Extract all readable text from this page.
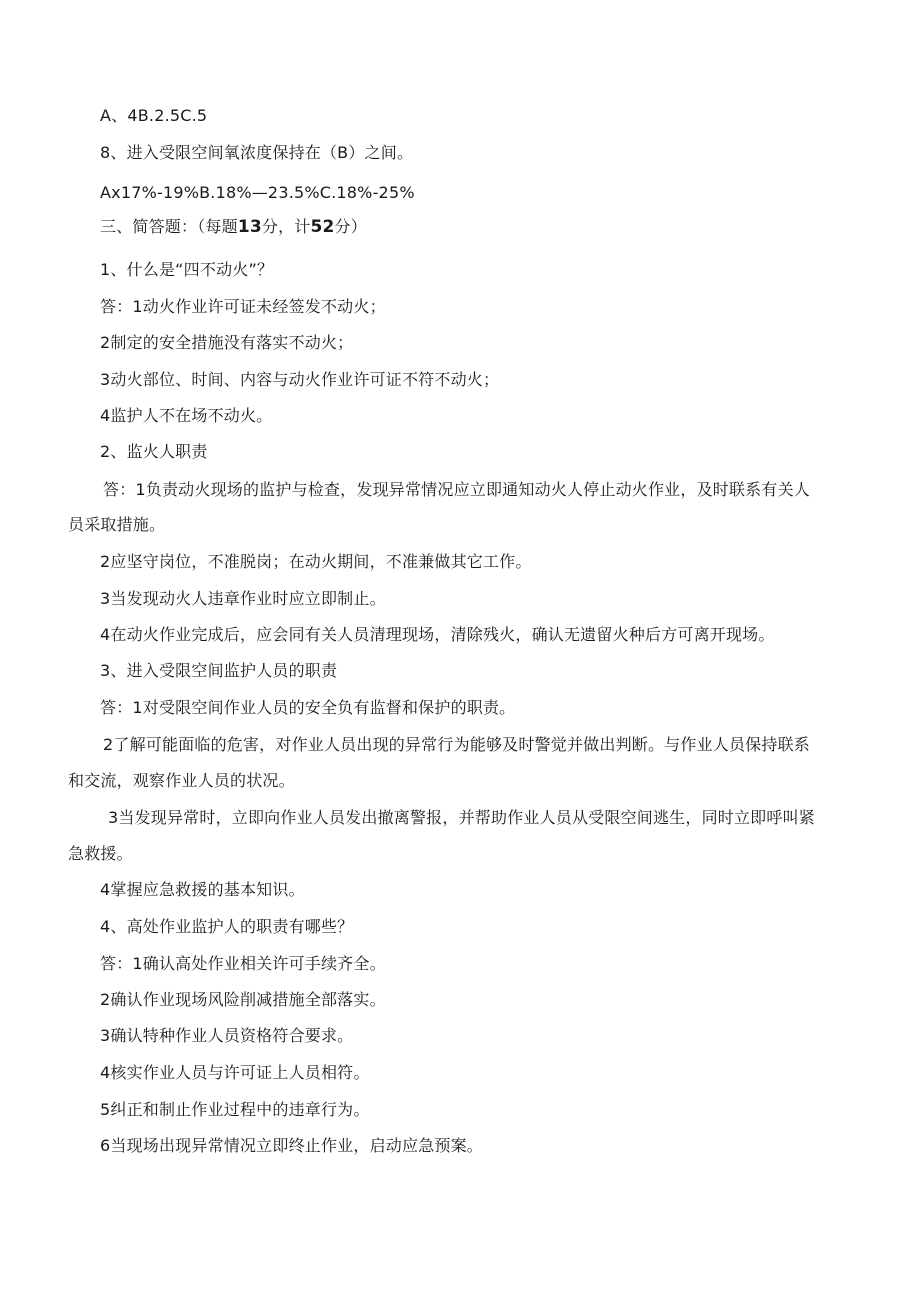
A、4B.2.5C.5
8、进入受限空间氧浓度保持在（B）之间。
Ax17%-19%B.18%—23.5%C.18%-25%
三、简答题：（每题13分，计52分）
1、什么是“四不动火”？
答：1动火作业许可证未经签发不动火；
2制定的安全措施没有落实不动火；
3动火部位、时间、内容与动火作业许可证不符不动火；
4监护人不在场不动火。
2、监火人职责
答：1负责动火现场的监护与检查，发现异常情况应立即通知动火人停止动火作业，及时联系有关人
员采取措施。
2应坚守岗位，不准脱岗；在动火期间，不准兼做其它工作。
3当发现动火人违章作业时应立即制止。
4在动火作业完成后，应会同有关人员清理现场，清除残火，确认无遗留火种后方可离开现场。
3、进入受限空间监护人员的职责
答：1对受限空间作业人员的安全负有监督和保护的职责。
2了解可能面临的危害，对作业人员出现的异常行为能够及时警觉并做出判断。与作业人员保持联系
和交流，观察作业人员的状况。
3当发现异常时，立即向作业人员发出撤离警报，并帮助作业人员从受限空间逃生，同时立即呼叫紧
急救援。
4掌握应急救援的基本知识。
4、高处作业监护人的职责有哪些？
答：1确认高处作业相关许可手续齐全。
2确认作业现场风险削减措施全部落实。
3确认特种作业人员资格符合要求。
4核实作业人员与许可证上人员相符。
5纠正和制止作业过程中的违章行为。
6当现场出现异常情况立即终止作业，启动应急预案。
